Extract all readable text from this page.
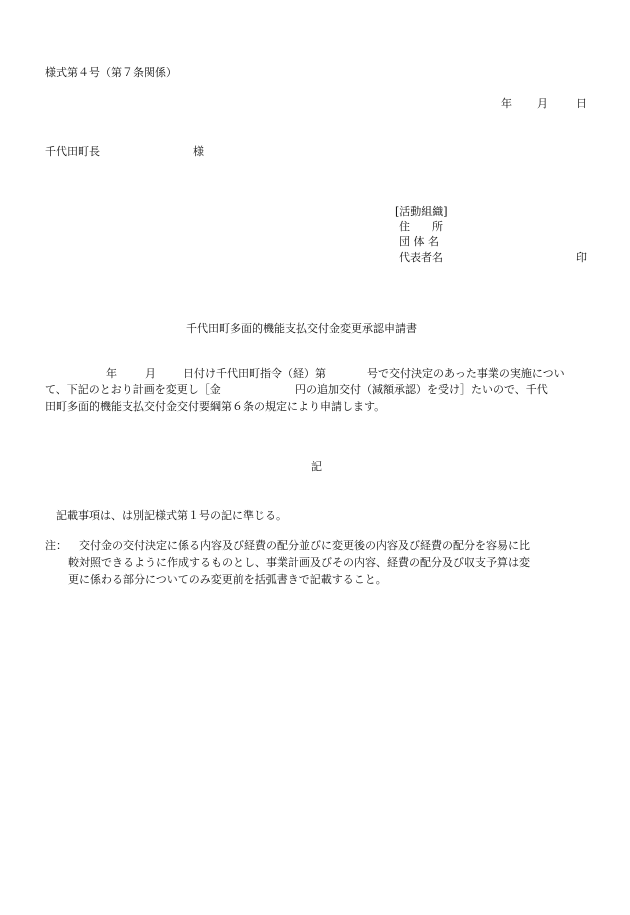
様式第４号（第７条関係）
年 月	日
千代田町長	様
[活動組織]
住　　所
団 体 名
代表者名	印
千代田町多面的機能支払交付金変更承認申請書
年	月 日付け千代田町指令（経）第	号で交付決定のあった事業の実施につい
て、下記のとおり計画を変更し［金	円の追加交付（減額承認）を受け］たいので、千代
田町多面的機能支払交付金交付要綱第６条の規定により申請します。
記
記載事項は、は別記様式第１号の記に準じる。
注： 交付金の交付決定に係る内容及び経費の配分並びに変更後の内容及び経費の配分を容易に比
較対照できるように作成するものとし、事業計画及びその内容、経費の配分及び収支予算は変
更に係わる部分についてのみ変更前を括弧書きで記載すること。
